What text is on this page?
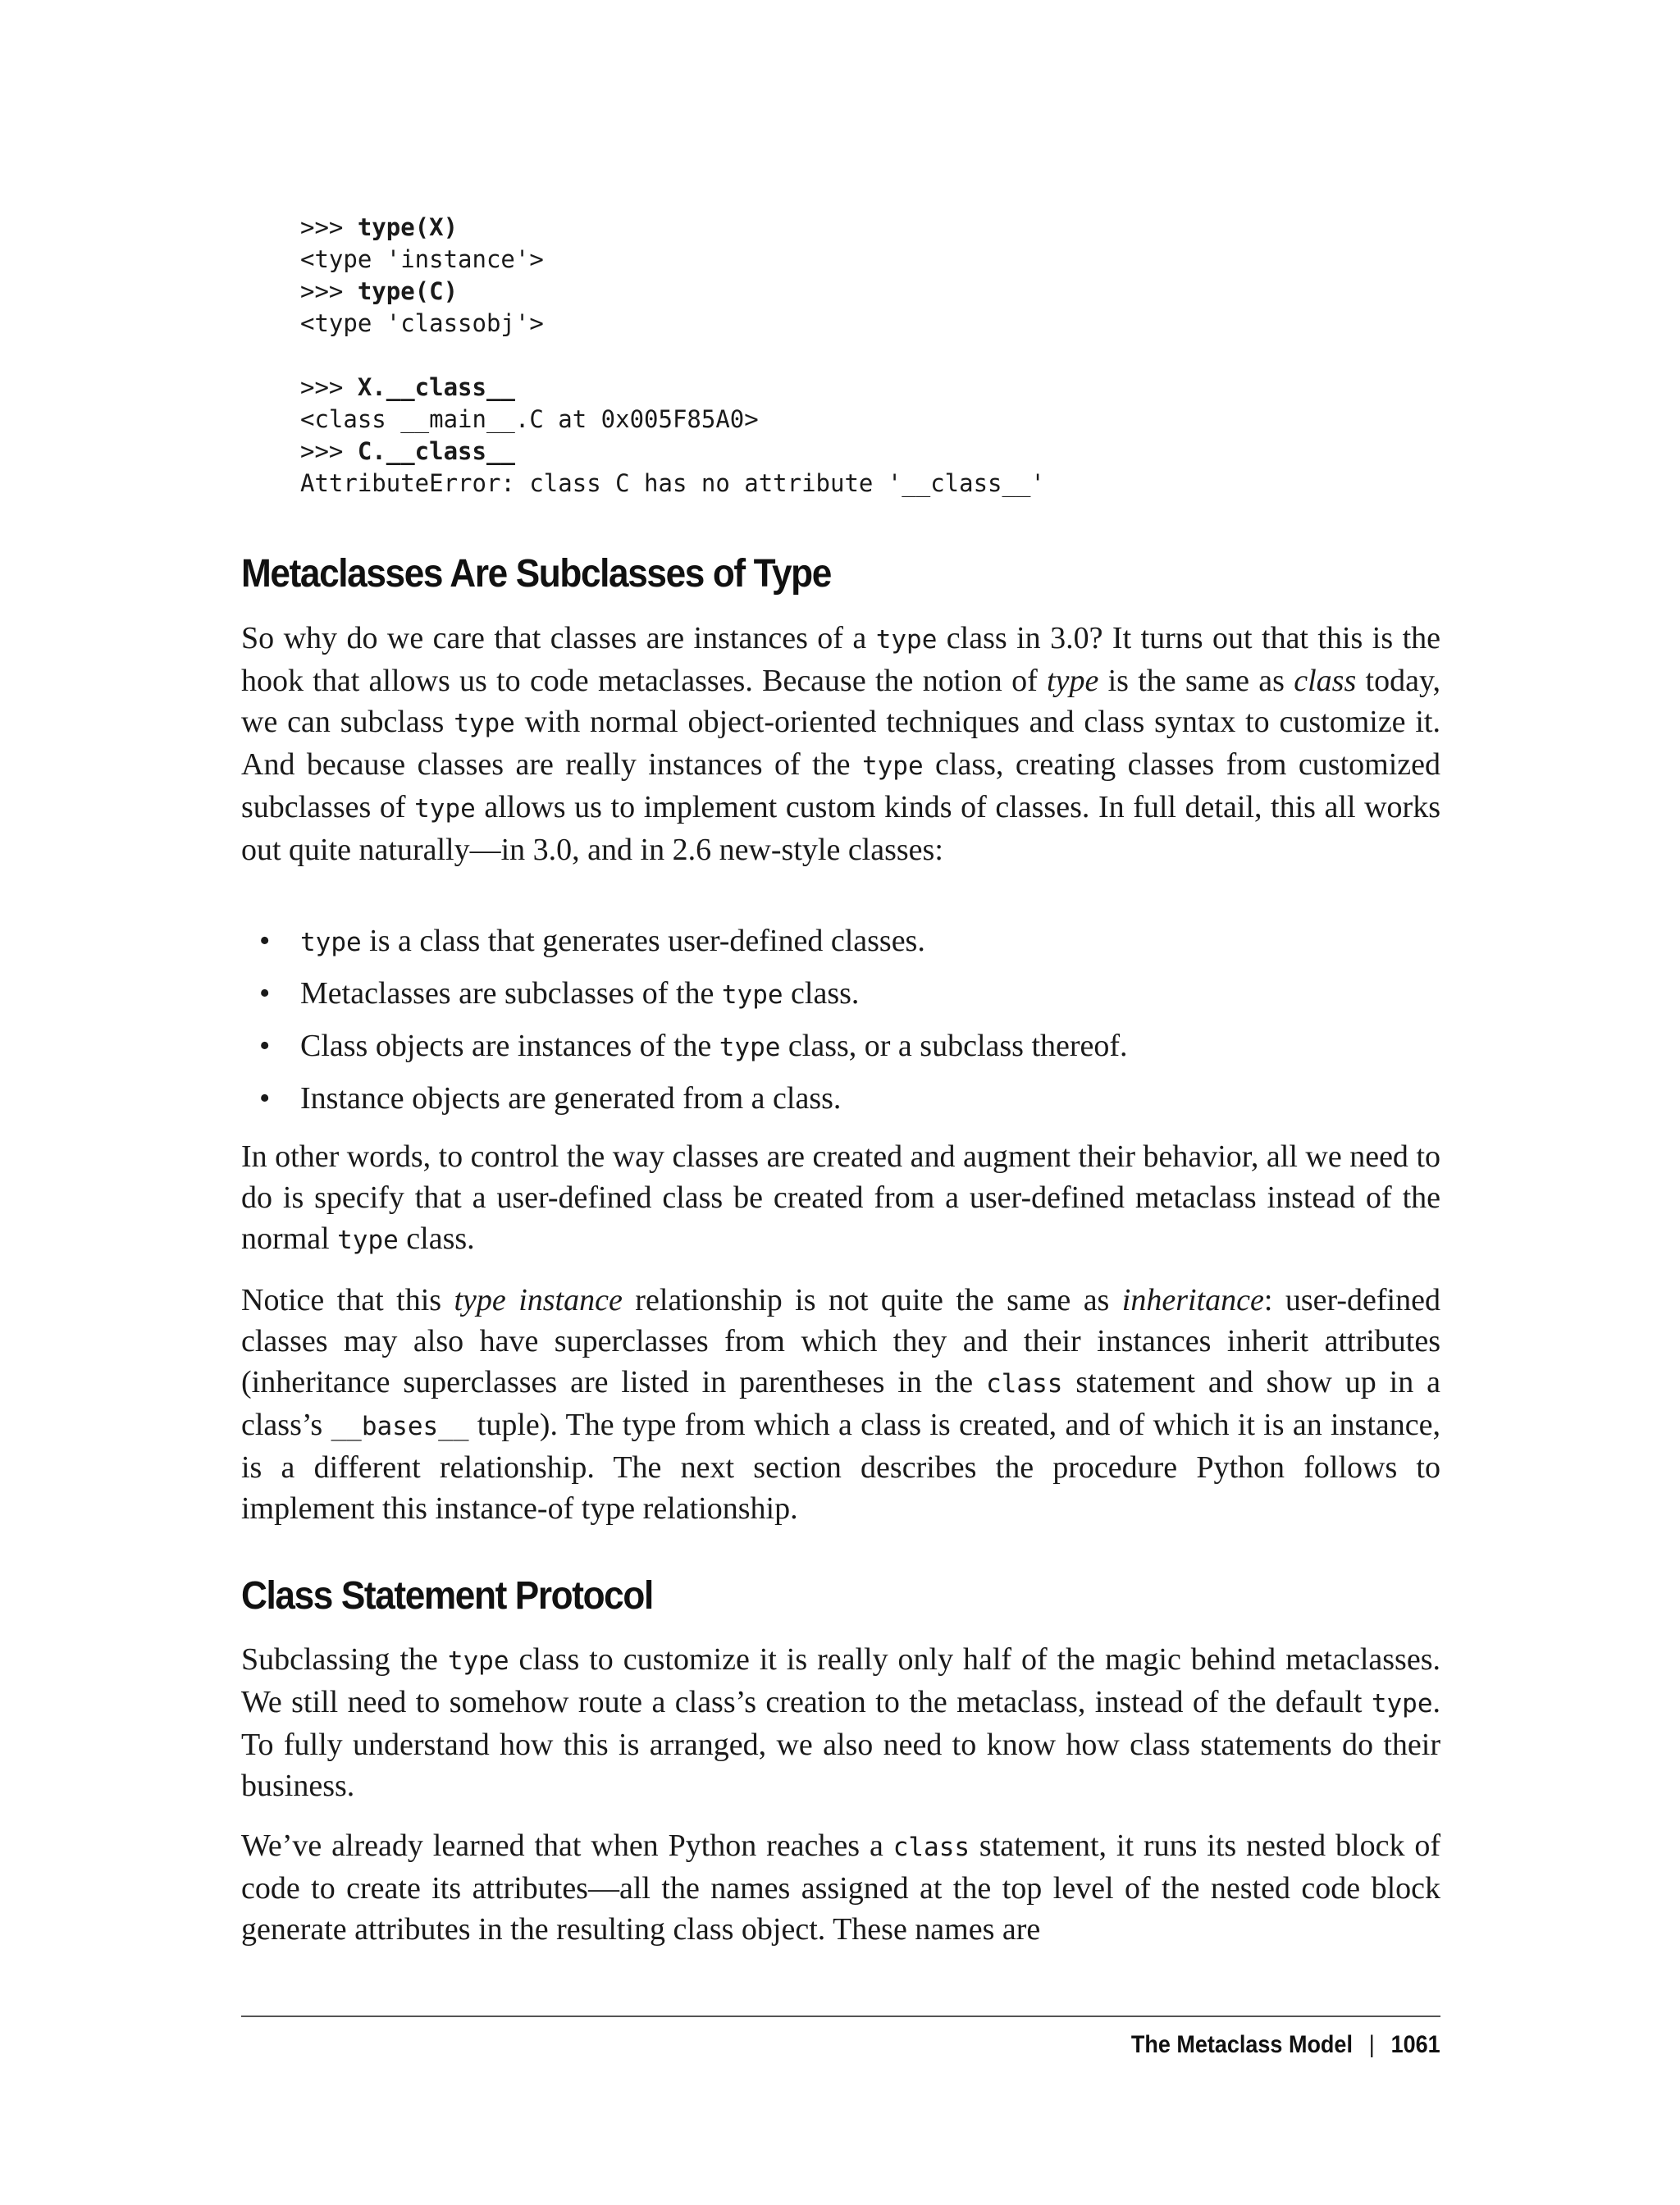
>>> type(X)
<type 'instance'>
>>> type(C)
<type 'classobj'>

>>> X.__class__
<class __main__.C at 0x005F85A0>
>>> C.__class__
AttributeError: class C has no attribute '__class__'
Metaclasses Are Subclasses of Type

So why do we care that classes are instances of a type class in 3.0? It turns out that this is the hook that allows us to code metaclasses. Because the notion of type is the same as class today, we can subclass type with normal object-oriented techniques and class syntax to customize it. And because classes are really instances of the type class, creating classes from customized subclasses of type allows us to implement custom kinds of classes. In full detail, this all works out quite naturally—in 3.0, and in 2.6 new-style classes:

• type is a class that generates user-defined classes.
• Metaclasses are subclasses of the type class.
• Class objects are instances of the type class, or a subclass thereof.
• Instance objects are generated from a class.

In other words, to control the way classes are created and augment their behavior, all we need to do is specify that a user-defined class be created from a user-defined metaclass instead of the normal type class.

Notice that this type instance relationship is not quite the same as inheritance: user-defined classes may also have superclasses from which they and their instances inherit attributes (inheritance superclasses are listed in parentheses in the class statement and show up in a class’s __bases__ tuple). The type from which a class is created, and of which it is an instance, is a different relationship. The next section describes the procedure Python follows to implement this instance-of type relationship.

Class Statement Protocol

Subclassing the type class to customize it is really only half of the magic behind metaclasses. We still need to somehow route a class’s creation to the metaclass, instead of the default type. To fully understand how this is arranged, we also need to know how class statements do their business.

We’ve already learned that when Python reaches a class statement, it runs its nested block of code to create its attributes—all the names assigned at the top level of the nested code block generate attributes in the resulting class object. These names are

The Metaclass Model | 1061
